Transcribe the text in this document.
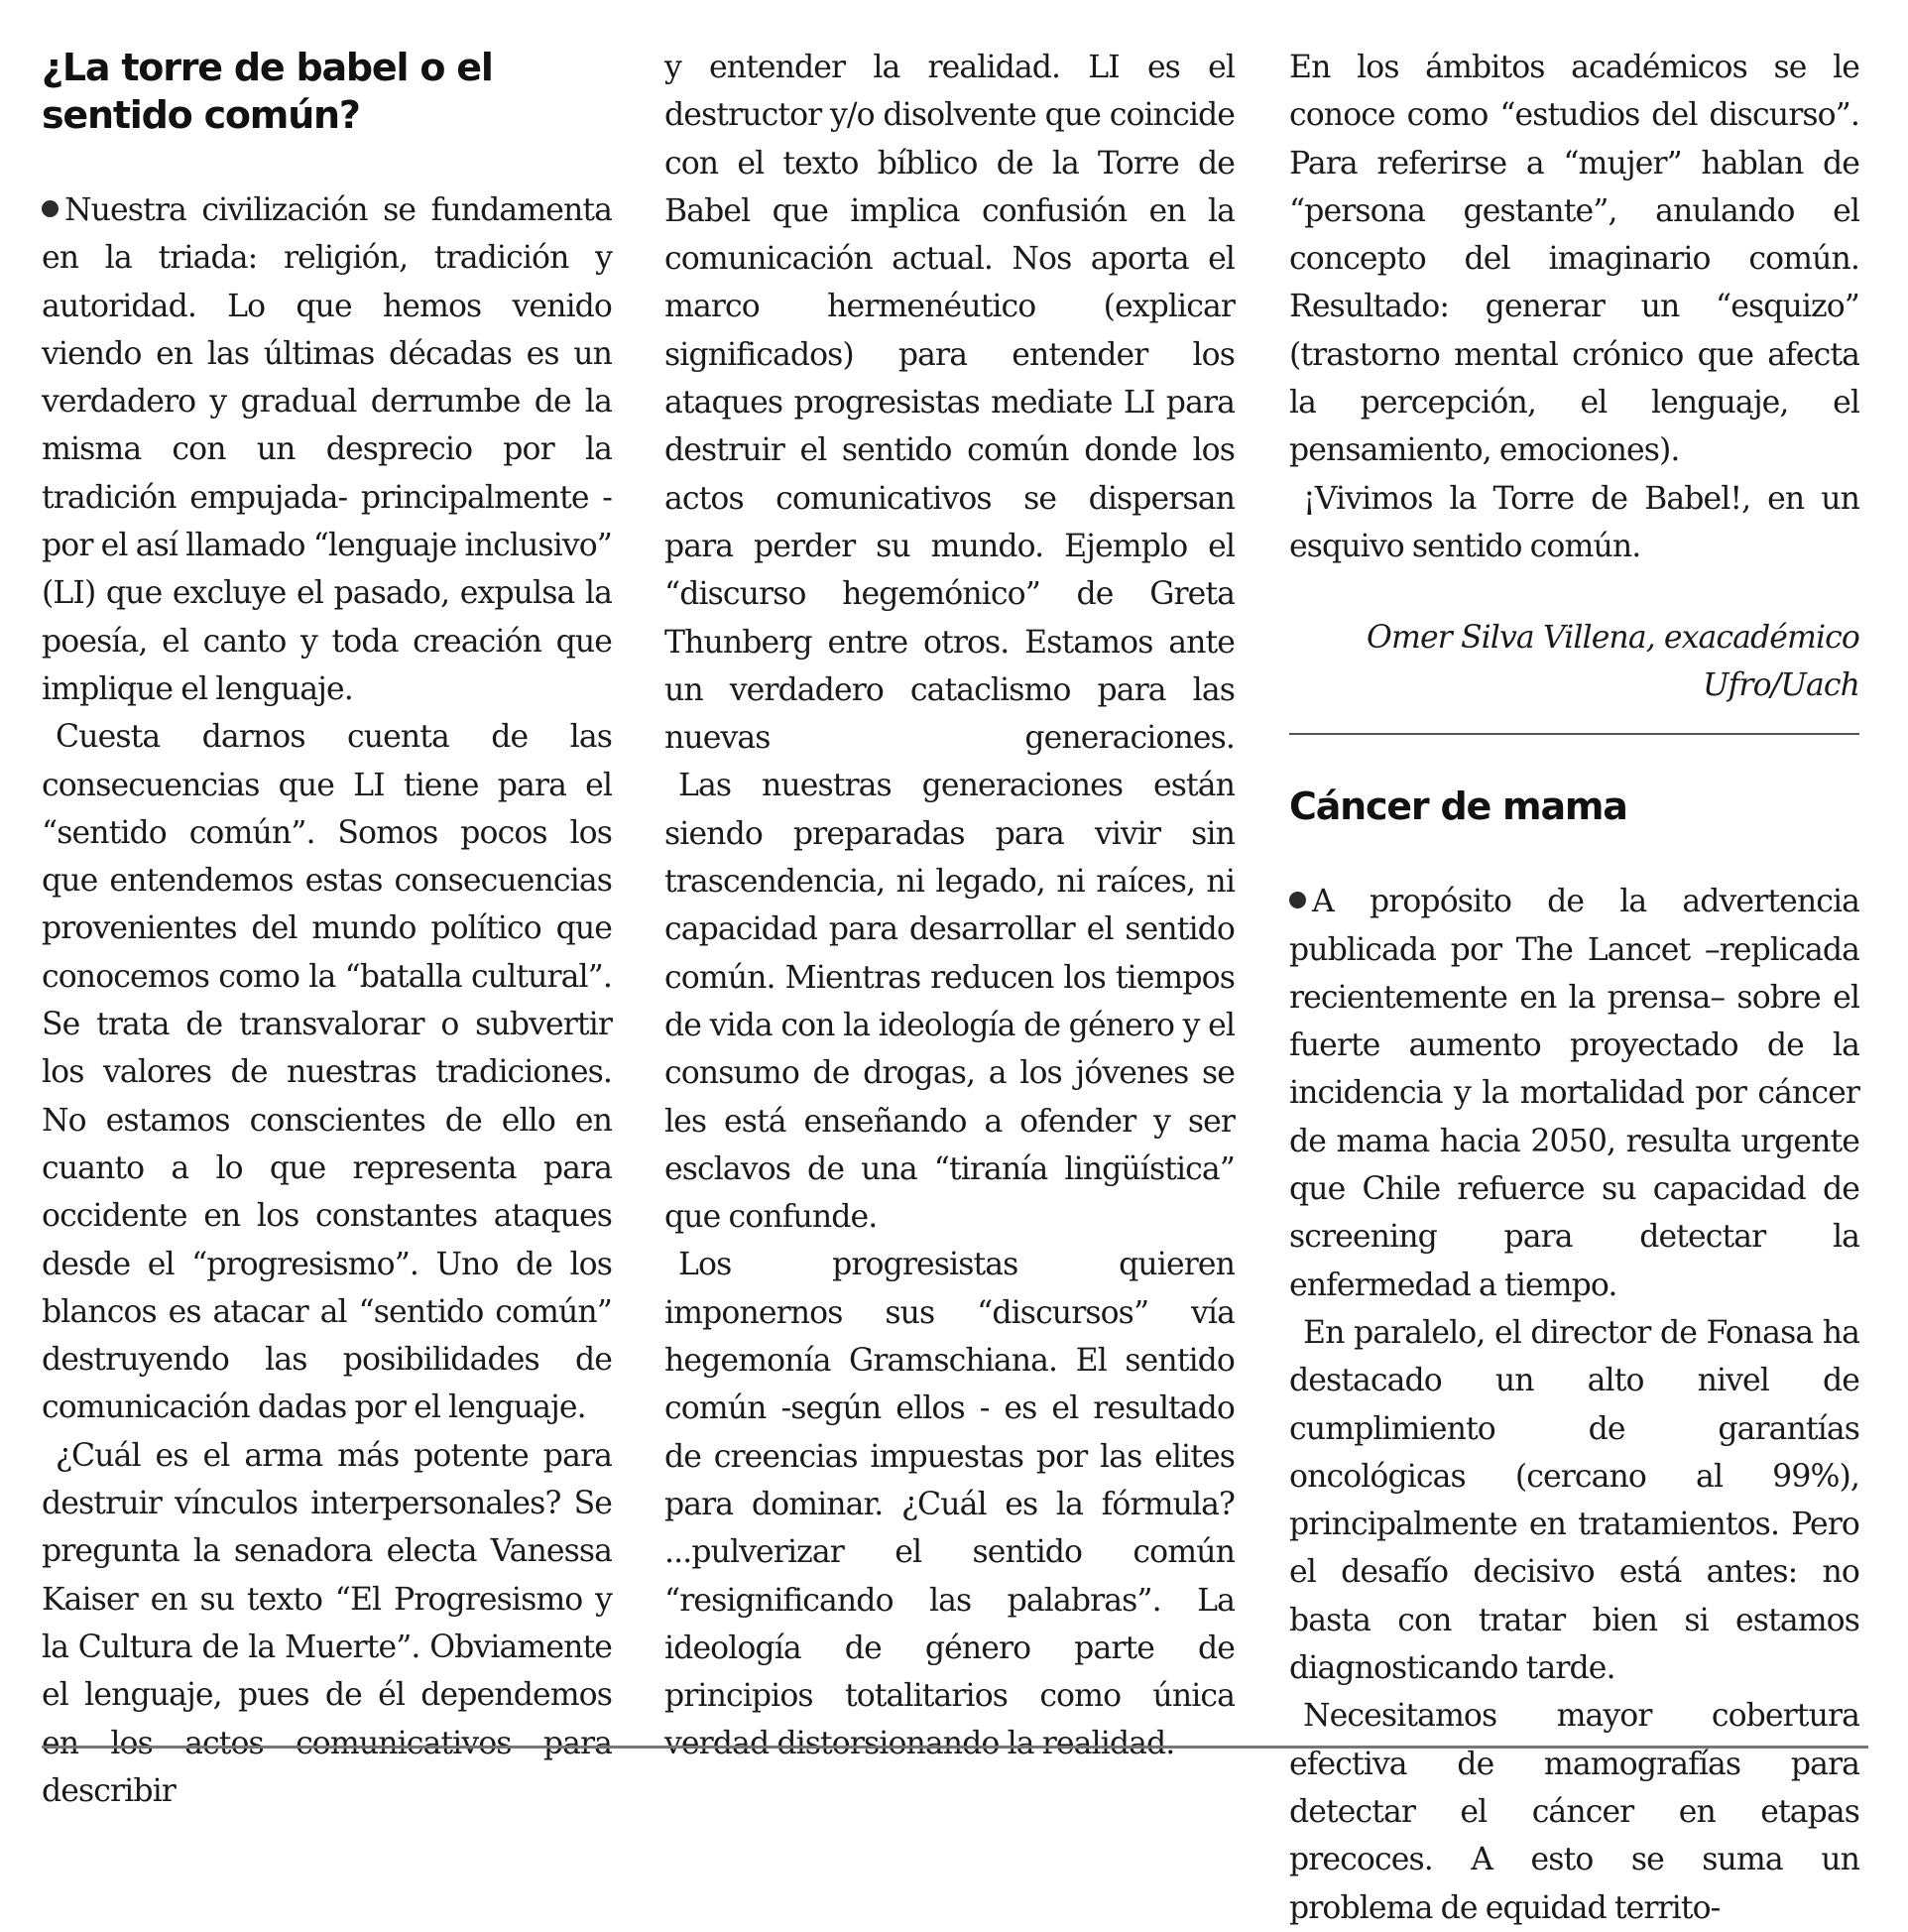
¿La torre de babel o el sentido común?

Nuestra civilización se fundamenta en la triada: religión, tradición y autoridad. Lo que hemos venido viendo en las últimas décadas es un verdadero y gradual derrumbe de la misma con un desprecio por la tradición empujada- principalmente - por el así llamado “lenguaje inclusivo” (LI) que excluye el pasado, expulsa la poesía, el canto y toda creación que implique el lenguaje.

Cuesta darnos cuenta de las consecuencias que LI tiene para el “sentido común”. Somos pocos los que entendemos estas consecuencias provenientes del mundo político que conocemos como la “batalla cultural”. Se trata de transvalorar o subvertir los valores de nuestras tradiciones. No estamos conscientes de ello en cuanto a lo que representa para occidente en los constantes ataques desde el “progresismo”. Uno de los blancos es atacar al “sentido común” destruyendo las posibilidades de comunicación dadas por el lenguaje.

¿Cuál es el arma más potente para destruir vínculos interpersonales? Se pregunta la senadora electa Vanessa Kaiser en su texto “El Progresismo y la Cultura de la Muerte”. Obviamente el lenguaje, pues de él dependemos en los actos comunicativos para describir

y entender la realidad. LI es el destructor y/o disolvente que coincide con el texto bíblico de la Torre de Babel que implica confusión en la comunicación actual. Nos aporta el marco hermenéutico (explicar significados) para entender los ataques progresistas mediate LI para destruir el sentido común donde los actos comunicativos se dispersan para perder su mundo. Ejemplo el “discurso hegemónico” de Greta Thunberg entre otros. Estamos ante un verdadero cataclismo para las nuevas generaciones.

Las nuestras generaciones están siendo preparadas para vivir sin trascendencia, ni legado, ni raíces, ni capacidad para desarrollar el sentido común. Mientras reducen los tiempos de vida con la ideología de género y el consumo de drogas, a los jóvenes se les está enseñando a ofender y ser esclavos de una “tiranía lingüística” que confunde.

Los progresistas quieren imponernos sus “discursos” vía hegemonía Gramschiana. El sentido común -según ellos - es el resultado de creencias impuestas por las elites para dominar. ¿Cuál es la fórmula? ...pulverizar el sentido común “resignificando las palabras”. La ideología de género parte de principios totalitarios como única verdad distorsionando la realidad.

En los ámbitos académicos se le conoce como “estudios del discurso”. Para referirse a “mujer” hablan de “persona gestante”, anulando el concepto del imaginario común. Resultado: generar un “esquizo” (trastorno mental crónico que afecta la percepción, el lenguaje, el pensamiento, emociones).

¡Vivimos la Torre de Babel!, en un esquivo sentido común.

Omer Silva Villena, exacadémico
Ufro/Uach
Cáncer de mama

A propósito de la advertencia publicada por The Lancet –replicada recientemente en la prensa– sobre el fuerte aumento proyectado de la incidencia y la mortalidad por cáncer de mama hacia 2050, resulta urgente que Chile refuerce su capacidad de screening para detectar la enfermedad a tiempo.

En paralelo, el director de Fonasa ha destacado un alto nivel de cumplimiento de garantías oncológicas (cercano al 99%), principalmente en tratamientos. Pero el desafío decisivo está antes: no basta con tratar bien si estamos diagnosticando tarde.

Necesitamos mayor cobertura efectiva de mamografías para detectar el cáncer en etapas precoces. A esto se suma un problema de equidad territo-
